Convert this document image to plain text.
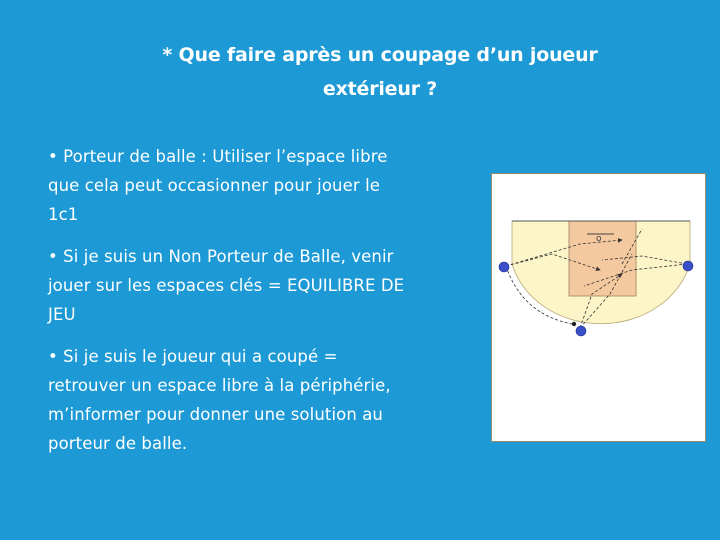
* Que faire après un coupage d’un joueur
extérieur ?
• Porteur de balle : Utiliser l’espace libre
que cela peut occasionner pour jouer le
1c1
• Si je suis un Non Porteur de Balle, venir
jouer sur les espaces clés = EQUILIBRE DE
JEU
• Si je suis le joueur qui a coupé =
retrouver un espace libre à la périphérie,
m’informer pour donner une solution au
porteur de balle.
o
